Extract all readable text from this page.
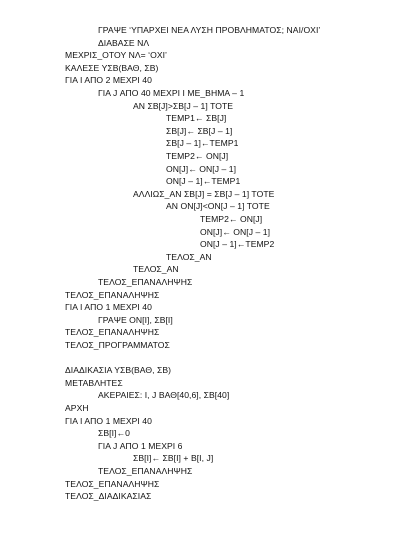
ΓΡΑΨΕ ‘ΥΠΑΡΧΕΙ ΝΕΑ ΛΥΣΗ ΠΡΟΒΛΗΜΑΤΟΣ; ΝΑΙ/ΟΧΙ’
ΔΙΑΒΑΣΕ ΝΛ
ΜΕΧΡΙΣ_ΟΤΟΥ ΝΛ= ‘ΟΧΙ’
ΚΑΛΕΣΕ ΥΣΒ(ΒΑΘ, ΣΒ)
ΓΙΑ Ι ΑΠΟ 2 ΜΕΧΡΙ 40
ΓΙΑ J ΑΠΟ 40 ΜΕΧΡΙ Ι ΜΕ_ΒΗΜΑ – 1
ΑΝ ΣΒ[J]>ΣΒ[J – 1] ΤΟΤΕ
TEMP1← ΣΒ[J]
ΣΒ[J]← ΣΒ[J – 1]
ΣΒ[J – 1]←TEMP1
TEMP2← ΟΝ[J]
ΟΝ[J]← ΟΝ[J – 1]
ΟΝ[J – 1]←TEMP1
ΑΛΛΙΩΣ_ΑΝ ΣΒ[J] = ΣΒ[J – 1] ΤΟΤΕ
ΑΝ ΟΝ[J]<ΟΝ[J – 1] ΤΟΤΕ
TEMP2← ΟΝ[J]
ΟΝ[J]← ΟΝ[J – 1]
ΟΝ[J – 1]←TEMP2
ΤΕΛΟΣ_ΑΝ
ΤΕΛΟΣ_ΑΝ
ΤΕΛΟΣ_ΕΠΑΝΑΛΗΨΗΣ
ΤΕΛΟΣ_ΕΠΑΝΑΛΗΨΗΣ
ΓΙΑ Ι ΑΠΟ 1 ΜΕΧΡΙ 40
ΓΡΑΨΕ ΟΝ[Ι], ΣΒ[Ι]
ΤΕΛΟΣ_ΕΠΑΝΑΛΗΨΗΣ
ΤΕΛΟΣ_ΠΡΟΓΡΑΜΜΑΤΟΣ
ΔΙΑΔΙΚΑΣΙΑ ΥΣΒ(ΒΑΘ, ΣΒ)
ΜΕΤΑΒΛΗΤΕΣ
ΑΚΕΡΑΙΕΣ: Ι, J ΒΑΘ[40,6], ΣΒ[40]
ΑΡΧΗ
ΓΙΑ Ι ΑΠΟ 1 ΜΕΧΡΙ 40
ΣΒ[Ι]←0
ΓΙΑ J ΑΠΟ 1 ΜΕΧΡΙ 6
ΣΒ[Ι]← ΣΒ[Ι] + Β[Ι, J]
ΤΕΛΟΣ_ΕΠΑΝΑΛΗΨΗΣ
ΤΕΛΟΣ_ΕΠΑΝΑΛΗΨΗΣ
ΤΕΛΟΣ_ΔΙΑΔΙΚΑΣΙΑΣ
